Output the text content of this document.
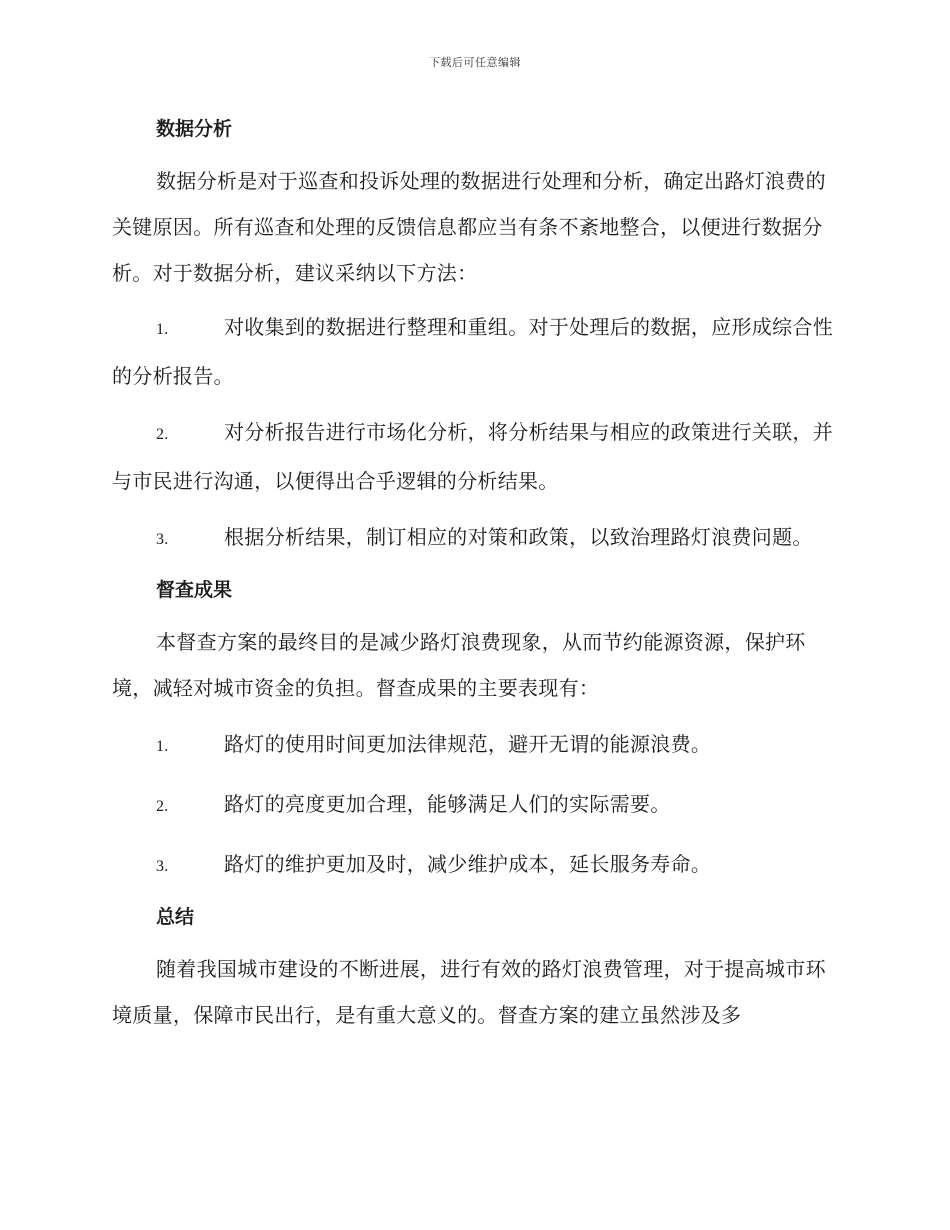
下载后可任意编辑
数据分析
数据分析是对于巡查和投诉处理的数据进行处理和分析，确定出路灯浪费的关键原因。所有巡查和处理的反馈信息都应当有条不紊地整合，以便进行数据分析。对于数据分析，建议采纳以下方法：
1.	对收集到的数据进行整理和重组。对于处理后的数据，应形成综合性的分析报告。
2.	对分析报告进行市场化分析，将分析结果与相应的政策进行关联，并与市民进行沟通，以便得出合乎逻辑的分析结果。
3.	根据分析结果，制订相应的对策和政策，以致治理路灯浪费问题。
督查成果
本督查方案的最终目的是减少路灯浪费现象，从而节约能源资源，保护环境，减轻对城市资金的负担。督查成果的主要表现有：
1.	路灯的使用时间更加法律规范，避开无谓的能源浪费。
2.	路灯的亮度更加合理，能够满足人们的实际需要。
3.	路灯的维护更加及时，减少维护成本，延长服务寿命。
总结
随着我国城市建设的不断进展，进行有效的路灯浪费管理，对于提高城市环境质量，保障市民出行，是有重大意义的。督查方案的建立虽然涉及多
